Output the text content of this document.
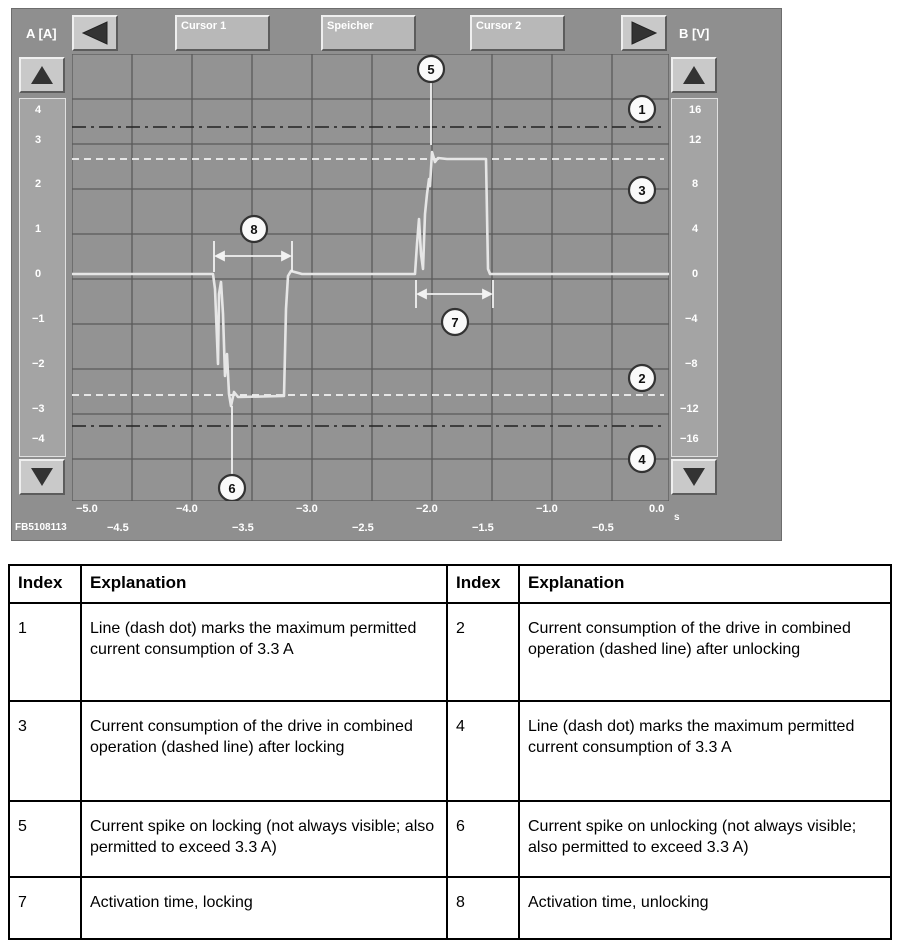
A [A]	Cursor 1	Speicher	Cursor 2	B [V]
4
3
2
1
0
−1
−2
−3
−4
16
12
8
4
0
−4
−8
−12
−16
1
2
3
4
5
6
7
8
−5.0	−4.0	−3.0	−2.0	−1.0	0.0
−4.5	−3.5	−2.5	−1.5	−0.5
s
FB5108113
Index	Explanation	Index	Explanation
1	Line (dash dot) marks the maximum permitted current consumption of 3.3 A	2	Current consumption of the drive in combined operation (dashed line) after unlocking
3	Current consumption of the drive in combined operation (dashed line) after locking	4	Line (dash dot) marks the maximum permitted current consumption of 3.3 A
5	Current spike on locking (not always visible; also permitted to exceed 3.3 A)	6	Current spike on unlocking (not always visible; also permitted to exceed 3.3 A)
7	Activation time, locking	8	Activation time, unlocking
